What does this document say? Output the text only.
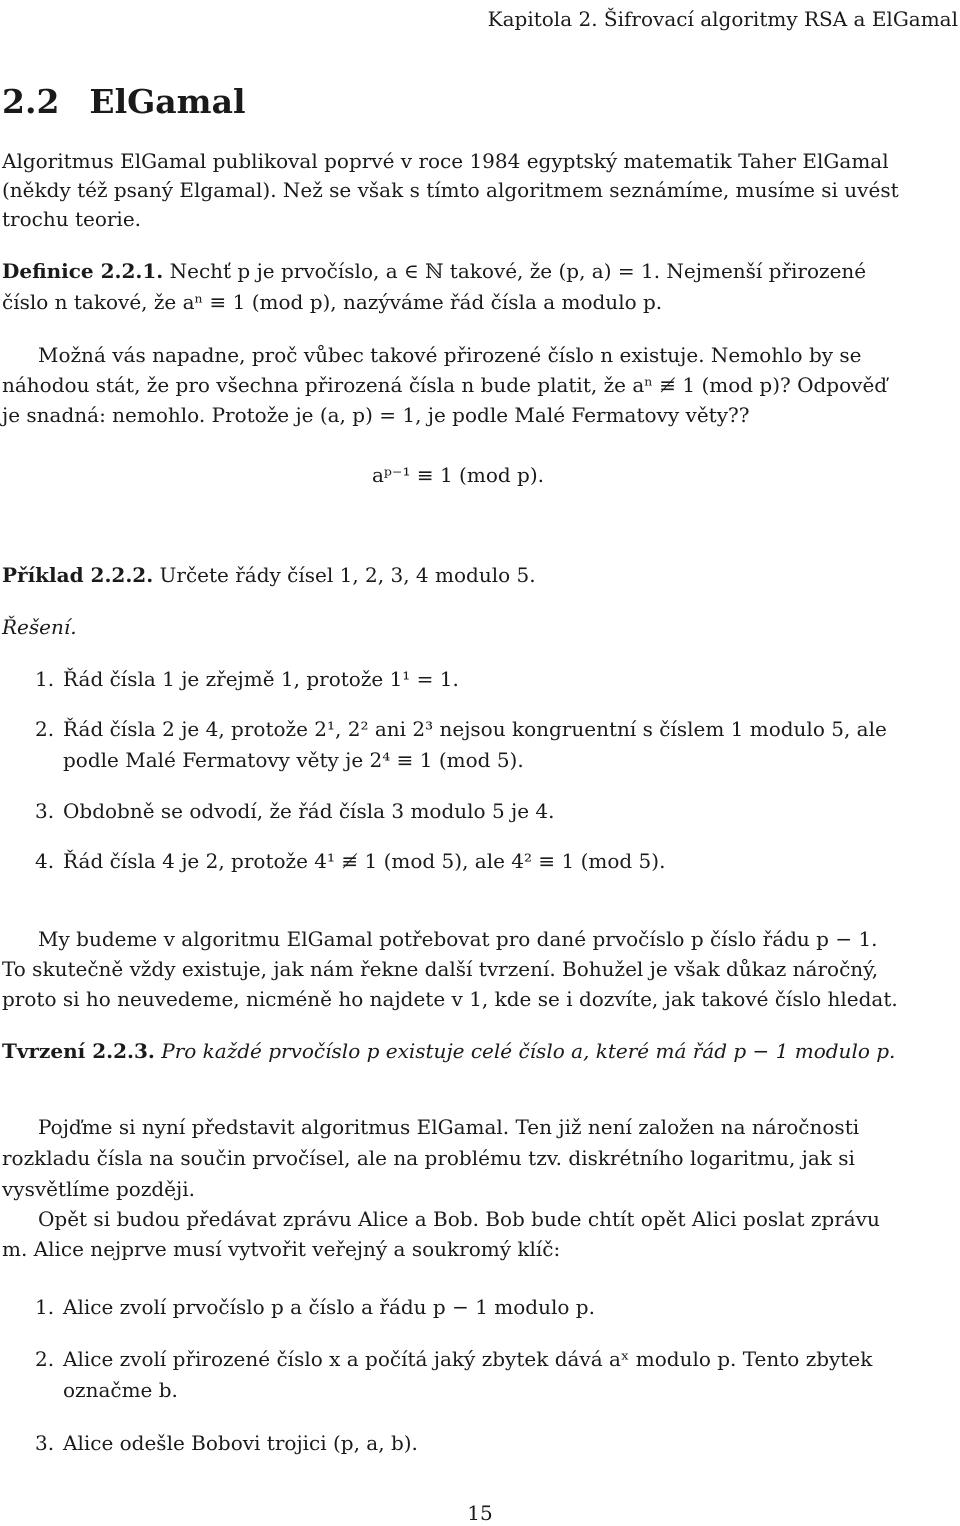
Kapitola 2. Šifrovací algoritmy RSA a ElGamal
2.2 ElGamal
Algoritmus ElGamal publikoval poprvé v roce 1984 egyptský matematik Taher ElGamal
(někdy též psaný Elgamal). Než se však s tímto algoritmem seznámíme, musíme si uvést
trochu teorie.
Definice 2.2.1. Nechť p je prvočíslo, a ∈ ℕ takové, že (p, a) = 1. Nejmenší přirozené
číslo n takové, že aⁿ ≡ 1 (mod p), nazýváme řád čísla a modulo p.
Možná vás napadne, proč vůbec takové přirozené číslo n existuje. Nemohlo by se
náhodou stát, že pro všechna přirozená čísla n bude platit, že aⁿ ≢ 1 (mod p)? Odpověď
je snadná: nemohlo. Protože je (a, p) = 1, je podle Malé Fermatovy věty??
aᵖ⁻¹ ≡ 1 (mod p).
Příklad 2.2.2. Určete řády čísel 1, 2, 3, 4 modulo 5.
Řešení.
1. Řád čísla 1 je zřejmě 1, protože 1¹ = 1.
2. Řád čísla 2 je 4, protože 2¹, 2² ani 2³ nejsou kongruentní s číslem 1 modulo 5, ale
podle Malé Fermatovy věty je 2⁴ ≡ 1 (mod 5).
3. Obdobně se odvodí, že řád čísla 3 modulo 5 je 4.
4. Řád čísla 4 je 2, protože 4¹ ≢ 1 (mod 5), ale 4² ≡ 1 (mod 5).
My budeme v algoritmu ElGamal potřebovat pro dané prvočíslo p číslo řádu p − 1.
To skutečně vždy existuje, jak nám řekne další tvrzení. Bohužel je však důkaz náročný,
proto si ho neuvedeme, nicméně ho najdete v 1, kde se i dozvíte, jak takové číslo hledat.
Tvrzení 2.2.3. Pro každé prvočíslo p existuje celé číslo a, které má řád p − 1 modulo p.
Pojďme si nyní představit algoritmus ElGamal. Ten již není založen na náročnosti
rozkladu čísla na součin prvočísel, ale na problému tzv. diskrétního logaritmu, jak si
vysvětlíme později.
Opět si budou předávat zprávu Alice a Bob. Bob bude chtít opět Alici poslat zprávu
m. Alice nejprve musí vytvořit veřejný a soukromý klíč:
1. Alice zvolí prvočíslo p a číslo a řádu p − 1 modulo p.
2. Alice zvolí přirozené číslo x a počítá jaký zbytek dává aˣ modulo p. Tento zbytek
označme b.
3. Alice odešle Bobovi trojici (p, a, b).
15
